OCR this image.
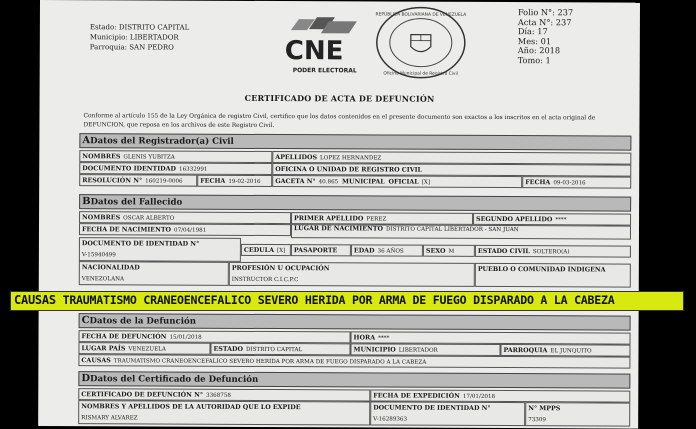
Estado: DISTRITO CAPITAL
Municipio: LIBERTADOR
Parroquia: SAN PEDRO	CNE
PODER ELECTORAL
REPÚBLICA BOLIVARIANA DE VENEZUELA
Oficina Municipal de Registro Civil
Folio N°: 237
Acta N°: 237
Día: 17
Mes: 01
Año: 2018
Tomo: 1
CERTIFICADO DE ACTA DE DEFUNCIÓN
Conforme al artículo 155 de la Ley Orgánica de registro Civil, certifico que los datos contenidos en el presente documento son exactos a los inscritos en el acta original de DEFUNCION, que reposa en los archivos de este Registro Civil.
ADatos del Registrador(a) Civil
NOMBRES GLENIS YUBITZA	APELLIDOS LOPEZ HERNANDEZ
DOCUMENTO IDENTIDAD 16332991	OFICINA O UNIDAD DE REGISTRO CIVIL
RESOLUCIÓN N° 160219-0006	FECHA 19-02-2016	GACETA N° 40.865 MUNICIPAL OFICIAL [X]	FECHA 09-03-2016
BDatos del Fallecido
NOMBRES OSCAR ALBERTO	PRIMER APELLIDO PEREZ	SEGUNDO APELLIDO ****
FECHA DE NACIMIENTO 07/04/1981	LUGAR DE NACIMIENTO DISTRITO CAPITAL LIBERTADOR - SAN JUAN
DOCUMENTO DE IDENTIDAD N°
V-15940499
CEDULA [X]	PASAPORTE	EDAD 36 AÑOS	SEXO M	ESTADO CIVIL SOLTERO(A)
NACIONALIDAD
VENEZOLANA
PROFESIÓN U OCUPACIÓN
INSTRUCTOR C.I.C.P.C
PUEBLO O COMUNIDAD INDIGENA
CDatos de la Defunción
FECHA DE DEFUNCIÓN 15/01/2018	HORA ****
LUGAR PAÍS VENEZUELA	ESTADO DISTRITO CAPITAL	MUNICIPIO LIBERTADOR	PARROQUIA EL JUNQUITO
CAUSAS TRAUMATISMO CRANEOENCEFALICO SEVERO HERIDA POR ARMA DE FUEGO DISPARADO A LA CABEZA
DDatos del Certificado de Defunción
CERTIFICADO DE DEFUNCIÓN N° 3368758	FECHA DE EXPEDICIÓN 17/01/2018
NOMBRES Y APELLIDOS DE LA AUTORIDAD QUE LO EXPIDE
RISMARY ALVAREZ
DOCUMENTO DE IDENTIDAD N°
V-16289363
N° MPPS
73309
CAUSAS TRAUMATISMO CRANEOENCEFALICO SEVERO HERIDA POR ARMA DE FUEGO DISPARADO A LA CABEZA
